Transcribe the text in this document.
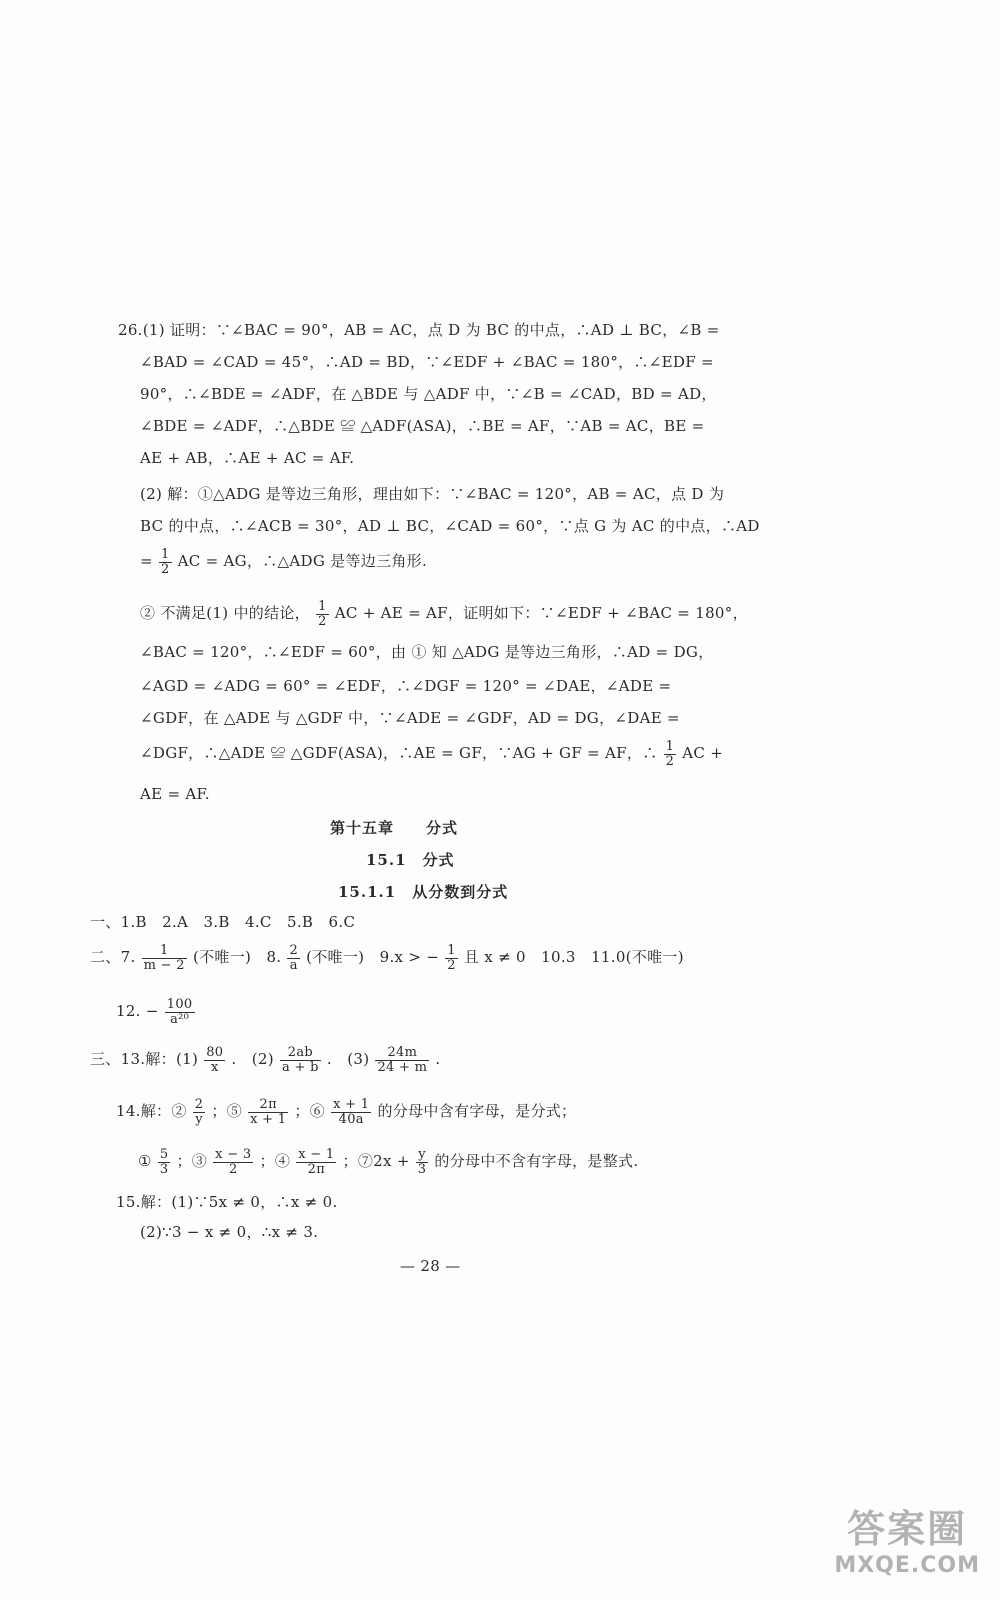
26.(1) 证明：∵∠BAC = 90°，AB = AC，点 D 为 BC 的中点，∴AD ⊥ BC，∠B =
∠BAD = ∠CAD = 45°，∴AD = BD，∵∠EDF + ∠BAC = 180°，∴∠EDF =
90°，∴∠BDE = ∠ADF，在 △BDE 与 △ADF 中，∵∠B = ∠CAD，BD = AD，
∠BDE = ∠ADF，∴△BDE ≌ △ADF(ASA)，∴BE = AF，∵AB = AC，BE =
AE + AB，∴AE + AC = AF.
(2) 解：①△ADG 是等边三角形，理由如下：∵∠BAC = 120°，AB = AC，点 D 为
BC 的中点，∴∠ACB = 30°，AD ⊥ BC，∠CAD = 60°，∵点 G 为 AC 的中点，∴AD
= $\frac{1}{2}$ AC = AG，∴△ADG 是等边三角形.
② 不满足(1) 中的结论， $\frac{1}{2}$ AC + AE = AF，证明如下：∵∠EDF + ∠BAC = 180°，
∠BAC = 120°，∴∠EDF = 60°，由 ① 知 △ADG 是等边三角形，∴AD = DG，
∠AGD = ∠ADG = 60° = ∠EDF，∴∠DGF = 120° = ∠DAE，∠ADE =
∠GDF，在 △ADE 与 △GDF 中，∵∠ADE = ∠GDF，AD = DG，∠DAE =
∠DGF，∴△ADE ≌ △GDF(ASA)，∴AE = GF，∵AG + GF = AF，∴ $\frac{1}{2}$ AC +
AE = AF.
第十五章　　分式
15.1　分式
15.1.1　从分数到分式
一、1.B　2.A　3.B　4.C　5.B　6.C
二、7. $\frac{1}{m - 2}$ (不唯一)　8. $\frac{2}{a}$ (不唯一)　9.x > − $\frac{1}{2}$ 且 x ≠ 0　10.3　11.0(不唯一)
12. − $\frac{100}{\text{a²⁰}}$
三、13.解：$(1) \frac{80}{x}$ .　$(2) \frac{2ab}{a + b}$ .　$(3) \frac{24m}{24 + m}$ .
14.解：② $\frac{2}{y}$ ；⑤ $\frac{2\pi}{x + 1}$ ；⑥ $\frac{x + 1}{40a}$ 的分母中含有字母，是分式；
① $\frac{5}{3}$ ；③ $\frac{x - 3}{2}$ ；④ $\frac{x - 1}{2\pi}$ ；⑦2x + $\frac{y}{3}$ 的分母中不含有字母，是整式.
15.解：(1)∵5x ≠ 0，∴x ≠ 0.
(2)∵3 − x ≠ 0，∴x ≠ 3.
— 28 —
答案圈
MXQE.COM
